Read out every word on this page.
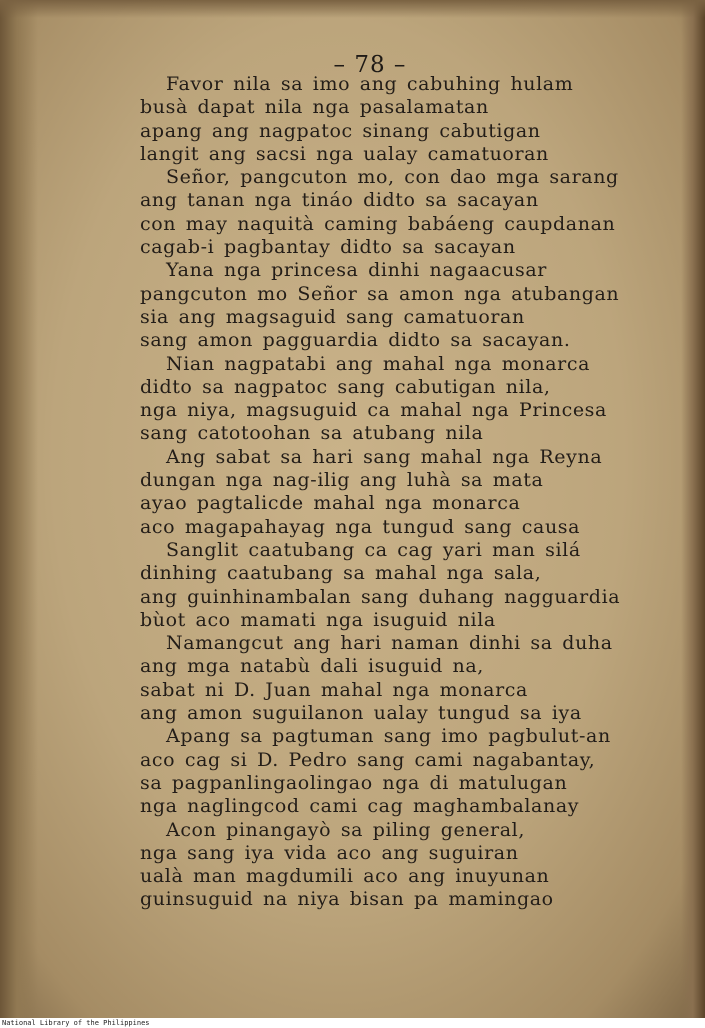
– 78 –
Favor nila sa imo ang cabuhing hulam
busà dapat nila nga pasalamatan
apang ang nagpatoc sinang cabutigan
langit ang sacsi nga ualay camatuoran
Señor, pangcuton mo, con dao mga sarang
ang tanan nga tináo didto sa sacayan
con may naquità caming babáeng caupdanan
cagab-i pagbantay didto sa sacayan
Yana nga princesa dinhi nagaacusar
pangcuton mo Señor sa amon nga atubangan
sia ang magsaguid sang camatuoran
sang amon pagguardia didto sa sacayan.
Nian nagpatabi ang mahal nga monarca
didto sa nagpatoc sang cabutigan nila,
nga niya, magsuguid ca mahal nga Princesa
sang catotoohan sa atubang nila
Ang sabat sa hari sang mahal nga Reyna
dungan nga nag-ilig ang luhà sa mata
ayao pagtalicde mahal nga monarca
aco magapahayag nga tungud sang causa
Sanglit caatubang ca cag yari man silá
dinhing caatubang sa mahal nga sala,
ang guinhinambalan sang duhang nagguardia
bùot aco mamati nga isuguid nila
Namangcut ang hari naman dinhi sa duha
ang mga natabù dali isuguid na,
sabat ni D. Juan mahal nga monarca
ang amon suguilanon ualay tungud sa iya
Apang sa pagtuman sang imo pagbulut-an
aco cag si D. Pedro sang cami nagabantay,
sa pagpanlingaolingao nga di matulugan
nga naglingcod cami cag maghambalanay
Acon pinangayò sa piling general,
nga sang iya vida aco ang suguiran
ualà man magdumili aco ang inuyunan
guinsuguid na niya bisan pa mamingao
National Library of the Philippines
